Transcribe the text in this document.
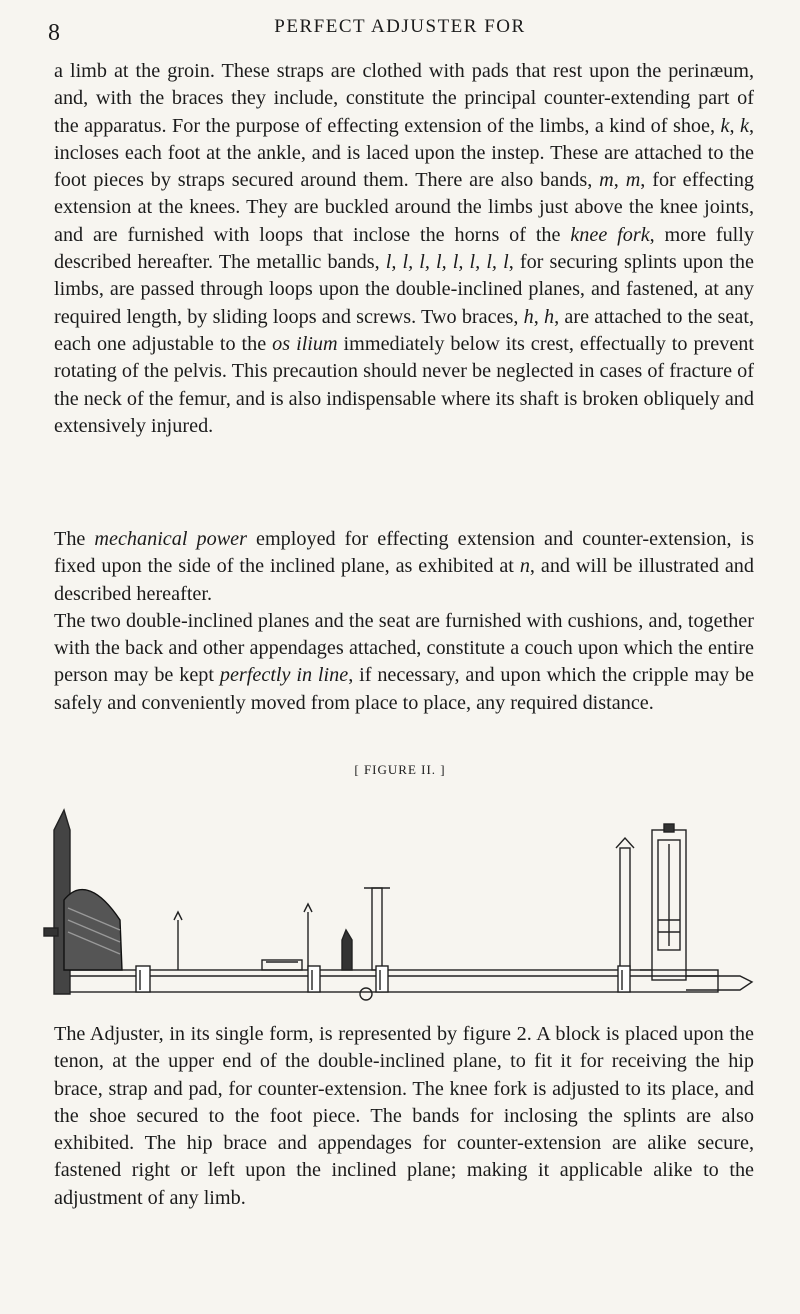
8	PERFECT ADJUSTER FOR

a limb at the groin. These straps are clothed with pads that rest upon the perinæum, and, with the braces they include, constitute the principal counter-extending part of the apparatus. For the purpose of effecting extension of the limbs, a kind of shoe, k, k, incloses each foot at the ankle, and is laced upon the instep. These are attached to the foot pieces by straps secured around them. There are also bands, m, m, for effecting extension at the knees. They are buckled around the limbs just above the knee joints, and are furnished with loops that inclose the horns of the knee fork, more fully described hereafter. The metallic bands, l, l, l, l, l, l, l, l, for securing splints upon the limbs, are passed through loops upon the double-inclined planes, and fastened, at any required length, by sliding loops and screws. Two braces, h, h, are attached to the seat, each one adjustable to the os ilium immediately below its crest, effectually to prevent rotating of the pelvis. This precaution should never be neglected in cases of fracture of the neck of the femur, and is also indispensable where its shaft is broken obliquely and extensively injured.

The mechanical power employed for effecting extension and counter-extension, is fixed upon the side of the inclined plane, as exhibited at n, and will be illustrated and described hereafter.

The two double-inclined planes and the seat are furnished with cushions, and, together with the back and other appendages attached, constitute a couch upon which the entire person may be kept perfectly in line, if necessary, and upon which the cripple may be safely and conveniently moved from place to place, any required distance.

[ FIGURE II. ]

The Adjuster, in its single form, is represented by figure 2. A block is placed upon the tenon, at the upper end of the double-inclined plane, to fit it for receiving the hip brace, strap and pad, for counter-extension. The knee fork is adjusted to its place, and the shoe secured to the foot piece. The bands for inclosing the splints are also exhibited. The hip brace and appendages for counter-extension are alike secure, fastened right or left upon the inclined plane; making it applicable alike to the adjustment of any limb.
